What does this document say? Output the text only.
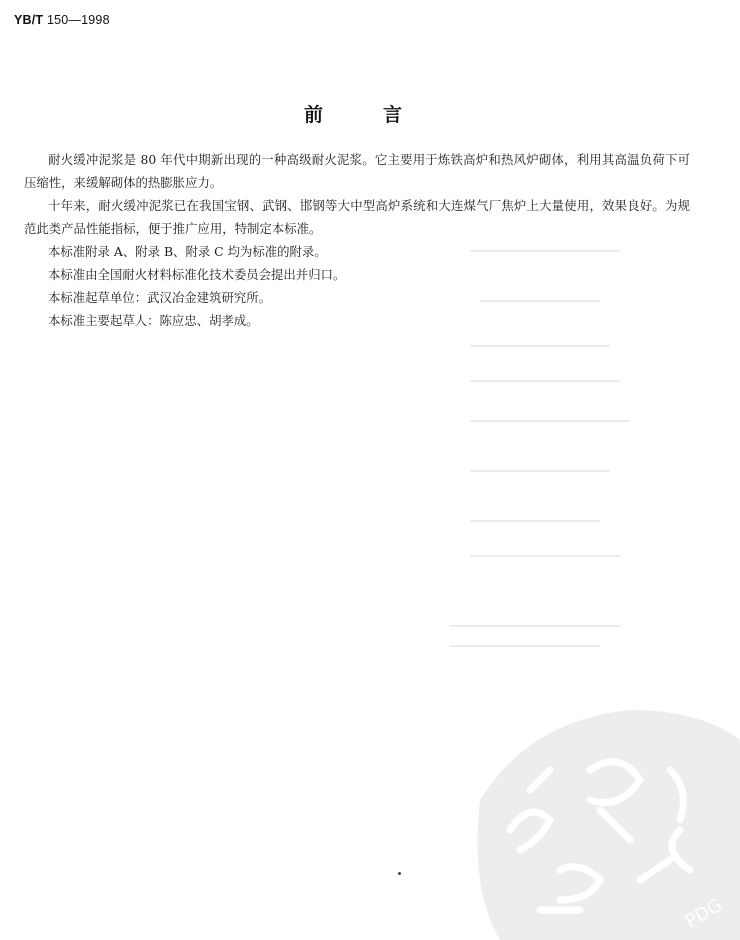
YB/T 150—1998
前	言

耐火缓冲泥浆是 80 年代中期新出现的一种高级耐火泥浆。它主要用于炼铁高炉和热风炉砌体，利用其高温负荷下可压缩性，来缓解砌体的热膨胀应力。

十年来，耐火缓冲泥浆已在我国宝钢、武钢、邯钢等大中型高炉系统和大连煤气厂焦炉上大量使用，效果良好。为规范此类产品性能指标，便于推广应用，特制定本标准。

本标准附录 A、附录 B、附录 C 均为标准的附录。

本标准由全国耐火材料标准化技术委员会提出并归口。

本标准起草单位：武汉冶金建筑研究所。

本标准主要起草人：陈应忠、胡孝成。

PDG
